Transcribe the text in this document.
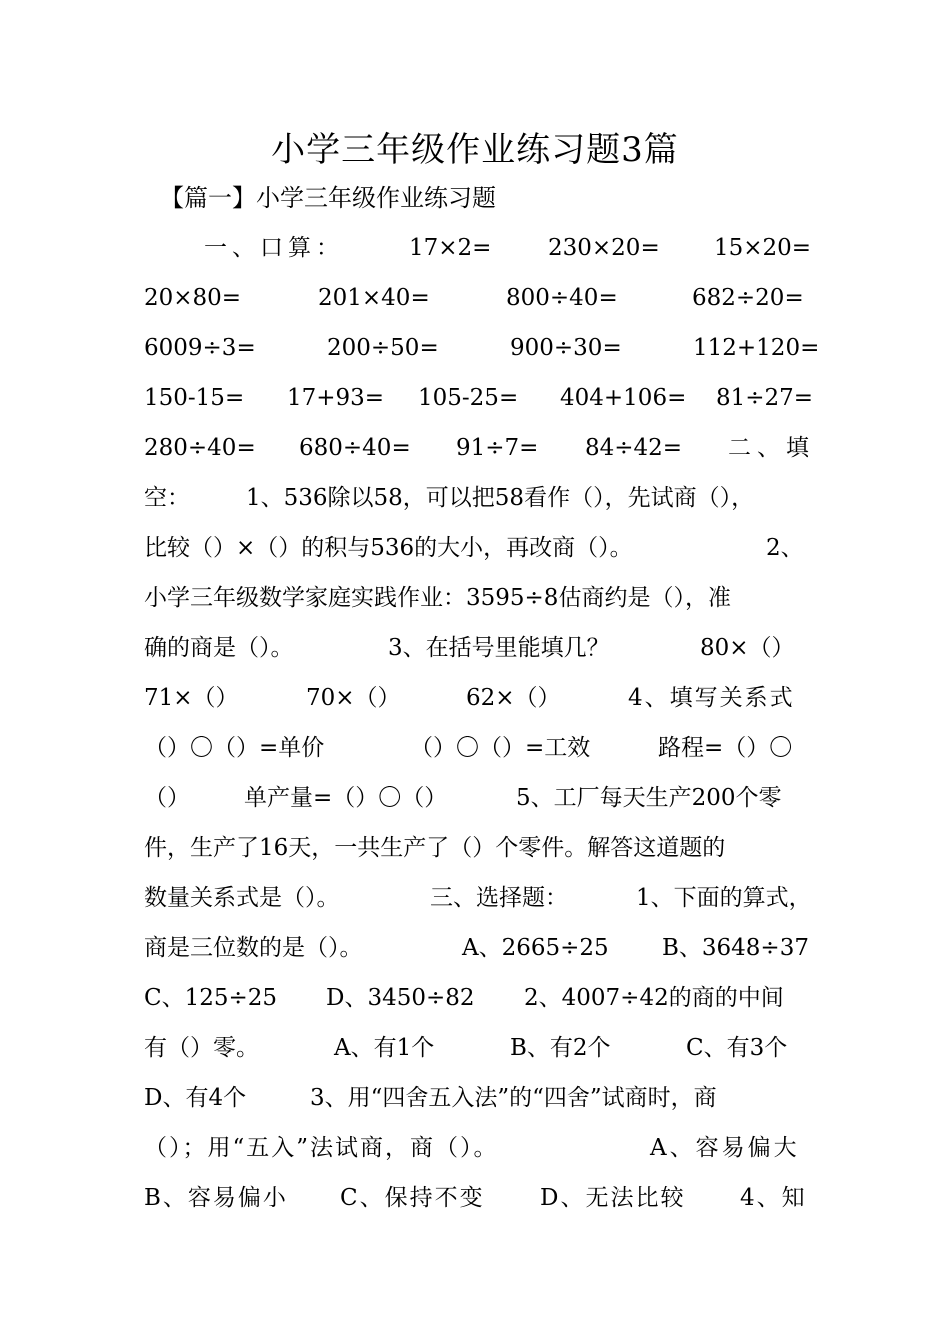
小学三年级作业练习题3篇
【篇一】小学三年级作业练习题
一、口算：	17×2= 230×20= 15×20=
20×80=	201×40=	800÷40=	682÷20=
6009÷3=	200÷50=	900÷30=	112+120=
150-15= 17+93= 105-25= 404+106= 81÷27=
280÷40= 680÷40= 91÷7= 84÷42= 二、填
空： 1、536除以58，可以把58看作（），先试商（），
比较（）×（）的积与536的大小，再改商（）。	2、
小学三年级数学家庭实践作业：3595÷8估商约是（），准
确的商是（）。	3、在括号里能填几？	80×（）
71×（）	70×（）	62×（）	4、填写关系式
（）〇（）=单价	（）〇（）=工效	路程=（）〇
（） 单产量=（）〇（）	5、工厂每天生产200个零
件，生产了16天，一共生产了（）个零件。解答这道题的
数量关系式是（）。	三、选择题：	1、下面的算式，
商是三位数的是（）。	A、2665÷25 B、3648÷37
C、125÷25 D、3450÷82 2、4007÷42的商的中间
有（）零。	A、有1个	B、有2个	C、有3个
D、有4个	3、用“四舍五入法”的“四舍”试商时，商
（）；用“五入”法试商，商（）。	A、容易偏大
B、容易偏小 C、保持不变 D、无法比较 4、知
